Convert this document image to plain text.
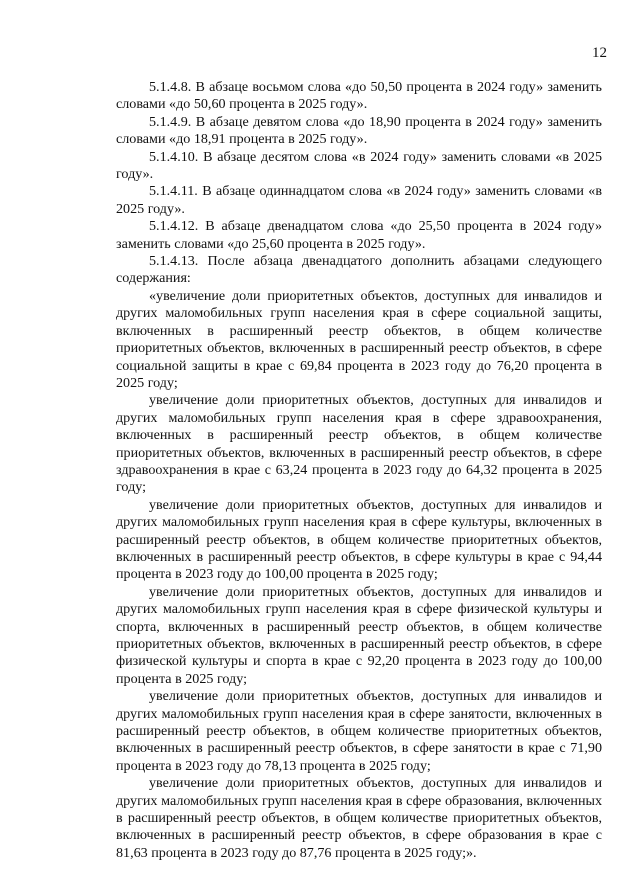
12

5.1.4.8. В абзаце восьмом слова «до 50,50 процента в 2024 году» заменить словами «до 50,60 процента в 2025 году».

5.1.4.9. В абзаце девятом слова «до 18,90 процента в 2024 году» заменить словами «до 18,91 процента в 2025 году».

5.1.4.10. В абзаце десятом слова «в 2024 году» заменить словами «в 2025 году».

5.1.4.11. В абзаце одиннадцатом слова «в 2024 году» заменить словами «в 2025 году».

5.1.4.12. В абзаце двенадцатом слова «до 25,50 процента в 2024 году» заменить словами «до 25,60 процента в 2025 году».

5.1.4.13. После абзаца двенадцатого дополнить абзацами следующего содержания:

«увеличение доли приоритетных объектов, доступных для инвалидов и других маломобильных групп населения края в сфере социальной защиты, включенных в расширенный реестр объектов, в общем количестве приоритетных объектов, включенных в расширенный реестр объектов, в сфере социальной защиты в крае с 69,84 процента в 2023 году до 76,20 процента в 2025 году;

увеличение доли приоритетных объектов, доступных для инвалидов и других маломобильных групп населения края в сфере здравоохранения, включенных в расширенный реестр объектов, в общем количестве приоритетных объектов, включенных в расширенный реестр объектов, в сфере здравоохранения в крае с 63,24 процента в 2023 году до 64,32 процента в 2025 году;

увеличение доли приоритетных объектов, доступных для инвалидов и других маломобильных групп населения края в сфере культуры, включенных в расширенный реестр объектов, в общем количестве приоритетных объектов, включенных в расширенный реестр объектов, в сфере культуры в крае с 94,44 процента в 2023 году до 100,00 процента в 2025 году;

увеличение доли приоритетных объектов, доступных для инвалидов и других маломобильных групп населения края в сфере физической культуры и спорта, включенных в расширенный реестр объектов, в общем количестве приоритетных объектов, включенных в расширенный реестр объектов, в сфере физической культуры и спорта в крае с 92,20 процента в 2023 году до 100,00 процента в 2025 году;

увеличение доли приоритетных объектов, доступных для инвалидов и других маломобильных групп населения края в сфере занятости, включенных в расширенный реестр объектов, в общем количестве приоритетных объектов, включенных в расширенный реестр объектов, в сфере занятости в крае с 71,90 процента в 2023 году до 78,13 процента в 2025 году;

увеличение доли приоритетных объектов, доступных для инвалидов и других маломобильных групп населения края в сфере образования, включенных в расширенный реестр объектов, в общем количестве приоритетных объектов, включенных в расширенный реестр объектов, в сфере образования в крае с 81,63 процента в 2023 году до 87,76 процента в 2025 году;».
